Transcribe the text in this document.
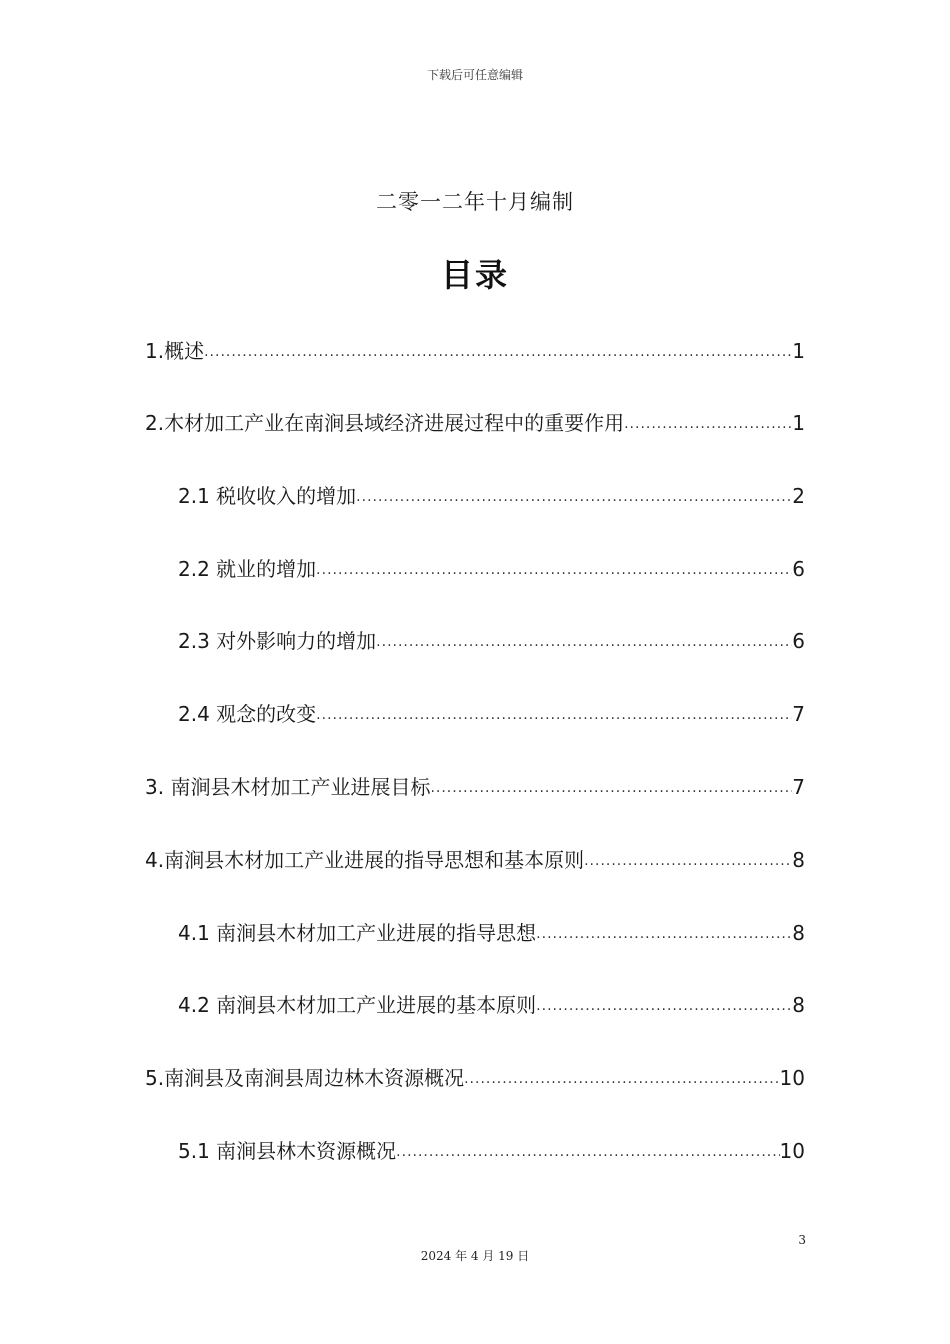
下载后可任意编辑
二零一二年十月编制
目录
1.概述 .....	1
2.木材加工产业在南涧县域经济进展过程中的重要作用 .....	1
2.1 税收收入的增加 .....	2
2.2 就业的增加 .....	6
2.3 对外影响力的增加 .....	6
2.4 观念的改变 .....	7
3. 南涧县木材加工产业进展目标 .....	7
4.南涧县木材加工产业进展的指导思想和基本原则 .....	8
4.1 南涧县木材加工产业进展的指导思想 .....	8
4.2 南涧县木材加工产业进展的基本原则 .....	8
5.南涧县及南涧县周边林木资源概况 .....	10
5.1 南涧县林木资源概况 .....	10
3
2024 年 4 月 19 日
